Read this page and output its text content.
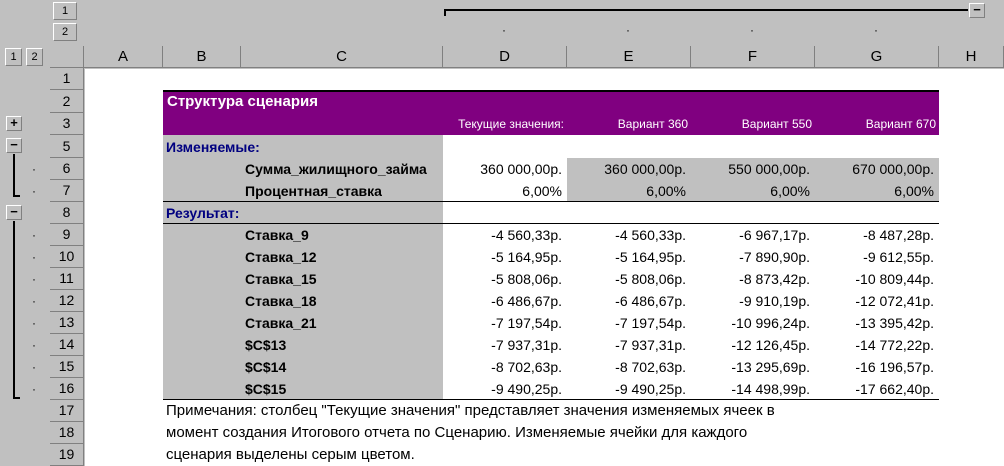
1
2
−
·	·	·	·
1	2	A	B	C	D	E	F	G	H
1
2
3
5
6
7
8
9
10
11
12
13
14
15
16
17
18
19
+
−
−
·
·
·
·
·
·
·
·
·
·
Структура сценария
Текущие значения:	Вариант 360	Вариант 550	Вариант 670
Изменяемые:
Сумма_жилищного_займа	360 000,00р.	360 000,00р.	550 000,00р.	670 000,00р.
Процентная_ставка	6,00%	6,00%	6,00%	6,00%
Результат:
Ставка_9	-4 560,33р.	-4 560,33р.	-6 967,17р.	-8 487,28р.
Ставка_12	-5 164,95р.	-5 164,95р.	-7 890,90р.	-9 612,55р.
Ставка_15	-5 808,06р.	-5 808,06р.	-8 873,42р.	-10 809,44р.
Ставка_18	-6 486,67р.	-6 486,67р.	-9 910,19р.	-12 072,41р.
Ставка_21	-7 197,54р.	-7 197,54р.	-10 996,24р.	-13 395,42р.
$C$13	-7 937,31р.	-7 937,31р.	-12 126,45р.	-14 772,22р.
$C$14	-8 702,63р.	-8 702,63р.	-13 295,69р.	-16 196,57р.
$C$15	-9 490,25р.	-9 490,25р.	-14 498,99р.	-17 662,40р.
Примечания: столбец "Текущие значения" представляет значения изменяемых ячеек в
момент создания Итогового отчета по Сценарию. Изменяемые ячейки для каждого
сценария выделены серым цветом.
